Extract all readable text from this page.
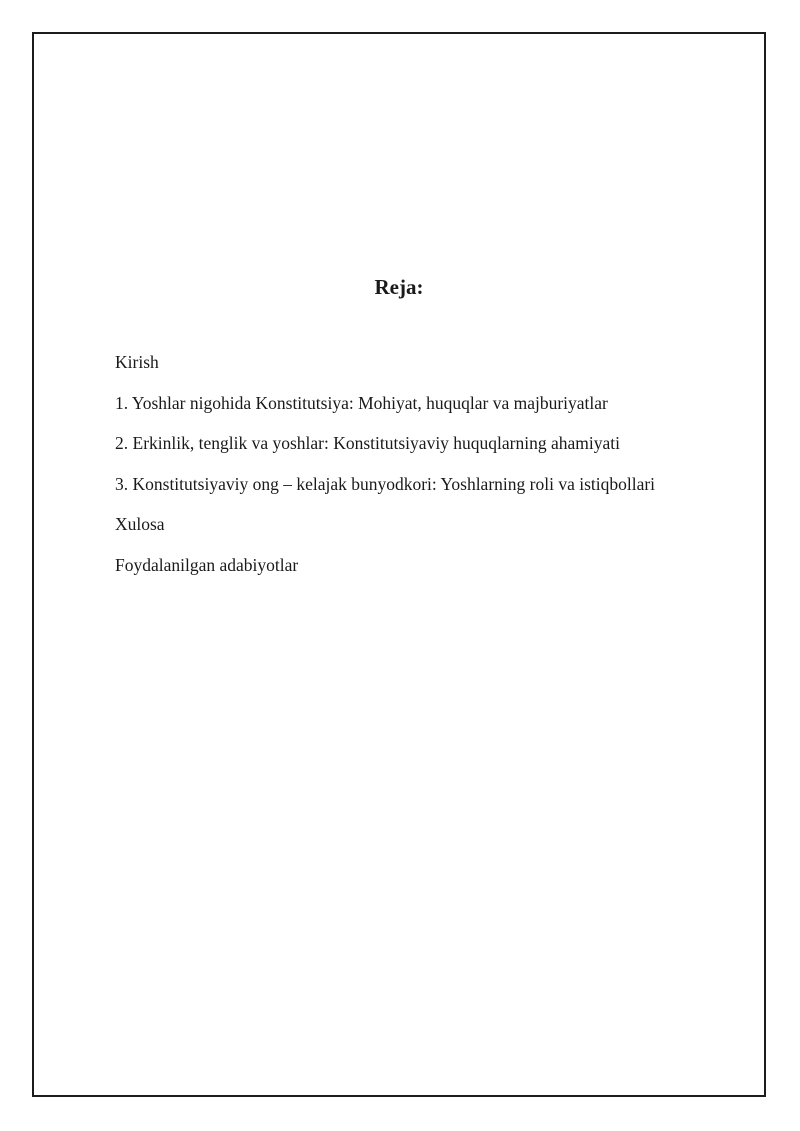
Reja:
Kirish
1. Yoshlar nigohida Konstitutsiya: Mohiyat, huquqlar va majburiyatlar
2. Erkinlik, tenglik va yoshlar: Konstitutsiyaviy huquqlarning ahamiyati
3. Konstitutsiyaviy ong – kelajak bunyodkori: Yoshlarning roli va istiqbollari
Xulosa
Foydalanilgan adabiyotlar
